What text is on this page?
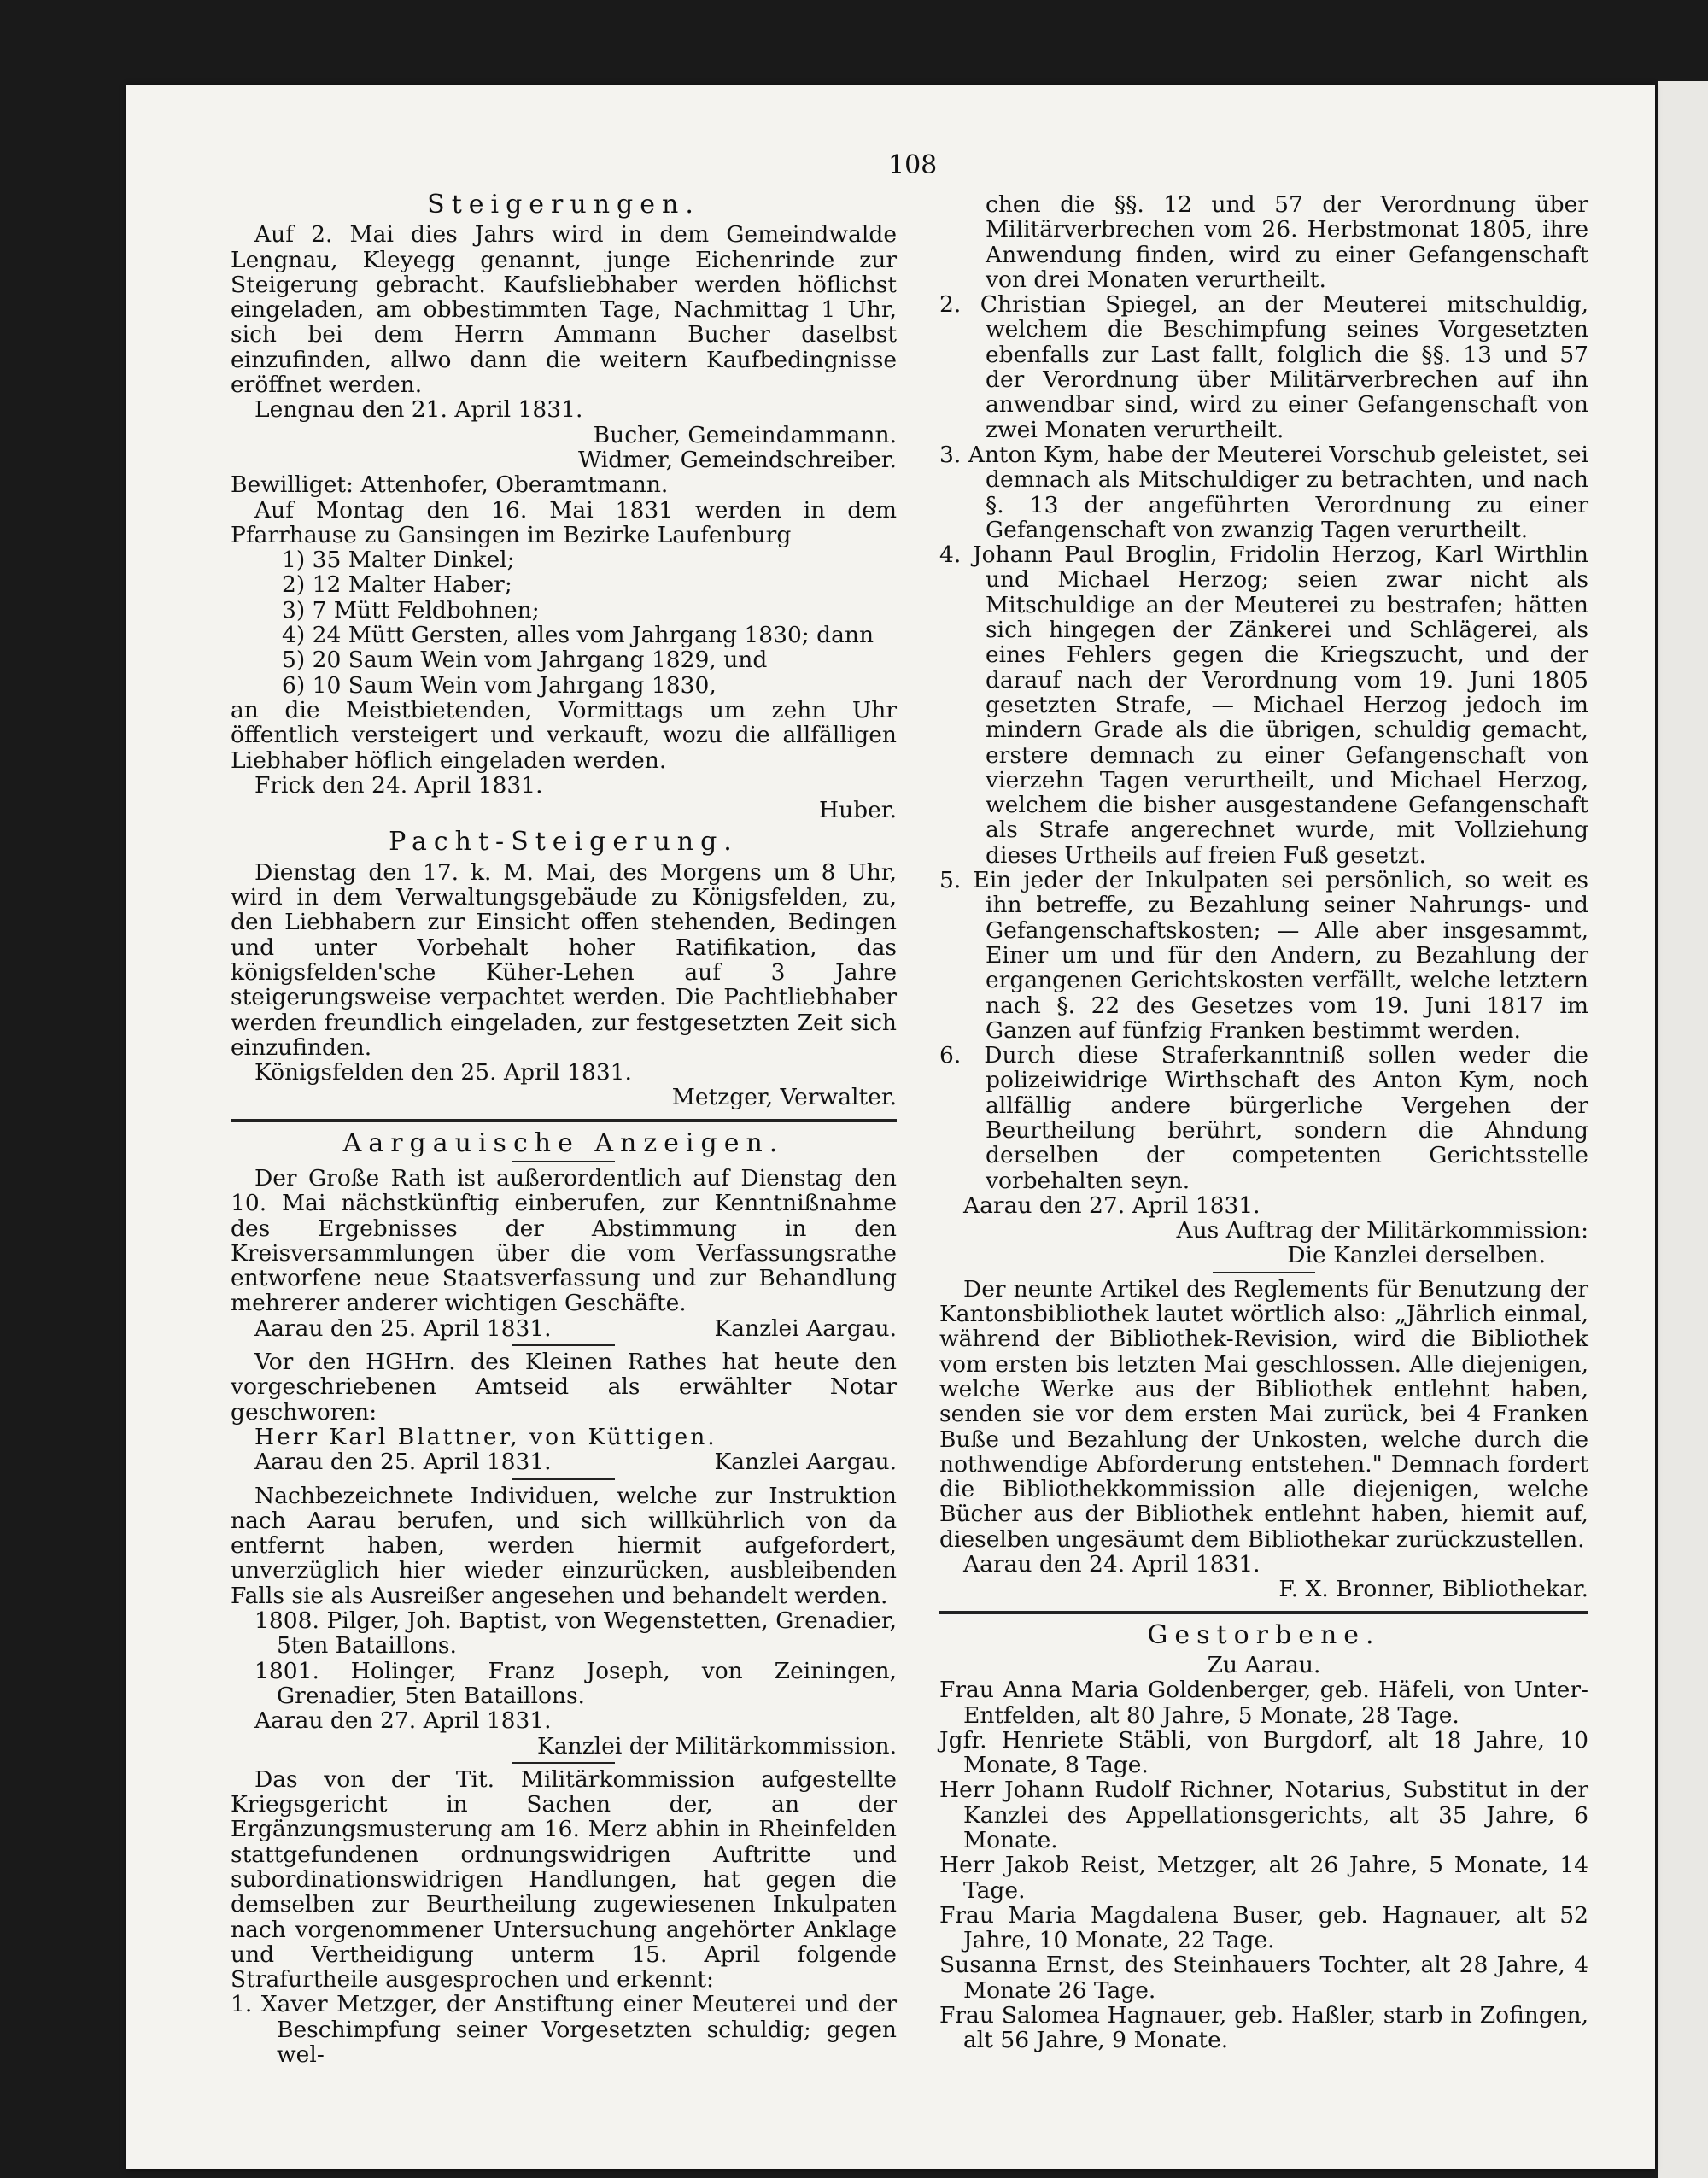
108
Steigerungen.

Auf 2. Mai dies Jahrs wird in dem Gemeindwalde Lengnau, Kleyegg genannt, junge Eichenrinde zur Steigerung gebracht. Kaufsliebhaber werden höflichst eingeladen, am obbestimmten Tage, Nachmittag 1 Uhr, sich bei dem Herrn Ammann Bucher daselbst einzufinden, allwo dann die weitern Kaufbedingnisse eröffnet werden.

Lengnau den 21. April 1831.

Bucher, Gemeindammann.

Widmer, Gemeindschreiber.

Bewilliget: Attenhofer, Oberamtmann.

Auf Montag den 16. Mai 1831 werden in dem Pfarrhause zu Gansingen im Bezirke Laufenburg

1) 35 Malter Dinkel;

2) 12 Malter Haber;

3) 7 Mütt Feldbohnen;

4) 24 Mütt Gersten, alles vom Jahrgang 1830; dann

5) 20 Saum Wein vom Jahrgang 1829, und

6) 10 Saum Wein vom Jahrgang 1830,

an die Meistbietenden, Vormittags um zehn Uhr öffentlich versteigert und verkauft, wozu die allfälligen Liebhaber höflich eingeladen werden.

Frick den 24. April 1831.

Huber.

Pacht-Steigerung.

Dienstag den 17. k. M. Mai, des Morgens um 8 Uhr, wird in dem Verwaltungsgebäude zu Königsfelden, zu, den Liebhabern zur Einsicht offen stehenden, Bedingen und unter Vorbehalt hoher Ratifikation, das königsfelden'sche Küher-Lehen auf 3 Jahre steigerungsweise verpachtet werden. Die Pachtliebhaber werden freundlich eingeladen, zur festgesetzten Zeit sich einzufinden.

Königsfelden den 25. April 1831.

Metzger, Verwalter.

Aargauische Anzeigen.

Der Große Rath ist außerordentlich auf Dienstag den 10. Mai nächstkünftig einberufen, zur Kenntnißnahme des Ergebnisses der Abstimmung in den Kreisversammlungen über die vom Verfassungsrathe entworfene neue Staatsverfassung und zur Behandlung mehrerer anderer wichtigen Geschäfte.

Aarau den 25. April 1831.	Kanzlei Aargau.

Vor den HGHrn. des Kleinen Rathes hat heute den vorgeschriebenen Amtseid als erwählter Notar geschworen:

Herr Karl Blattner, von Küttigen.

Aarau den 25. April 1831.	Kanzlei Aargau.

Nachbezeichnete Individuen, welche zur Instruktion nach Aarau berufen, und sich willkührlich von da entfernt haben, werden hiermit aufgefordert, unverzüglich hier wieder einzurücken, ausbleibenden Falls sie als Ausreißer angesehen und behandelt werden.

1808. Pilger, Joh. Baptist, von Wegenstetten, Grenadier, 5ten Bataillons.

1801. Holinger, Franz Joseph, von Zeiningen, Grenadier, 5ten Bataillons.

Aarau den 27. April 1831.

Kanzlei der Militärkommission.

Das von der Tit. Militärkommission aufgestellte Kriegsgericht in Sachen der, an der Ergänzungsmusterung am 16. Merz abhin in Rheinfelden stattgefundenen ordnungswidrigen Auftritte und subordinationswidrigen Handlungen, hat gegen die demselben zur Beurtheilung zugewiesenen Inkulpaten nach vorgenommener Untersuchung angehörter Anklage und Vertheidigung unterm 15. April folgende Strafurtheile ausgesprochen und erkennt:

1. Xaver Metzger, der Anstiftung einer Meuterei und der Beschimpfung seiner Vorgesetzten schuldig; gegen wel-

chen die §§. 12 und 57 der Verordnung über Militärverbrechen vom 26. Herbstmonat 1805, ihre Anwendung finden, wird zu einer Gefangenschaft von drei Monaten verurtheilt.

2. Christian Spiegel, an der Meuterei mitschuldig, welchem die Beschimpfung seines Vorgesetzten ebenfalls zur Last fallt, folglich die §§. 13 und 57 der Verordnung über Militärverbrechen auf ihn anwendbar sind, wird zu einer Gefangenschaft von zwei Monaten verurtheilt.

3. Anton Kym, habe der Meuterei Vorschub geleistet, sei demnach als Mitschuldiger zu betrachten, und nach §. 13 der angeführten Verordnung zu einer Gefangenschaft von zwanzig Tagen verurtheilt.

4. Johann Paul Broglin, Fridolin Herzog, Karl Wirthlin und Michael Herzog; seien zwar nicht als Mitschuldige an der Meuterei zu bestrafen; hätten sich hingegen der Zänkerei und Schlägerei, als eines Fehlers gegen die Kriegszucht, und der darauf nach der Verordnung vom 19. Juni 1805 gesetzten Strafe, — Michael Herzog jedoch im mindern Grade als die übrigen, schuldig gemacht, erstere demnach zu einer Gefangenschaft von vierzehn Tagen verurtheilt, und Michael Herzog, welchem die bisher ausgestandene Gefangenschaft als Strafe angerechnet wurde, mit Vollziehung dieses Urtheils auf freien Fuß gesetzt.

5. Ein jeder der Inkulpaten sei persönlich, so weit es ihn betreffe, zu Bezahlung seiner Nahrungs- und Gefangenschaftskosten; — Alle aber insgesammt, Einer um und für den Andern, zu Bezahlung der ergangenen Gerichtskosten verfällt, welche letztern nach §. 22 des Gesetzes vom 19. Juni 1817 im Ganzen auf fünfzig Franken bestimmt werden.

6. Durch diese Straferkanntniß sollen weder die polizeiwidrige Wirthschaft des Anton Kym, noch allfällig andere bürgerliche Vergehen der Beurtheilung berührt, sondern die Ahndung derselben der competenten Gerichtsstelle vorbehalten seyn.

Aarau den 27. April 1831.

Aus Auftrag der Militärkommission:

Die Kanzlei derselben.

Der neunte Artikel des Reglements für Benutzung der Kantonsbibliothek lautet wörtlich also: „Jährlich einmal, während der Bibliothek-Revision, wird die Bibliothek vom ersten bis letzten Mai geschlossen. Alle diejenigen, welche Werke aus der Bibliothek entlehnt haben, senden sie vor dem ersten Mai zurück, bei 4 Franken Buße und Bezahlung der Unkosten, welche durch die nothwendige Abforderung entstehen." Demnach fordert die Bibliothekkommission alle diejenigen, welche Bücher aus der Bibliothek entlehnt haben, hiemit auf, dieselben ungesäumt dem Bibliothekar zurückzustellen.

Aarau den 24. April 1831.

F. X. Bronner, Bibliothekar.

Gestorbene.

Zu Aarau.

Frau Anna Maria Goldenberger, geb. Häfeli, von Unter-Entfelden, alt 80 Jahre, 5 Monate, 28 Tage.

Jgfr. Henriete Stäbli, von Burgdorf, alt 18 Jahre, 10 Monate, 8 Tage.

Herr Johann Rudolf Richner, Notarius, Substitut in der Kanzlei des Appellationsgerichts, alt 35 Jahre, 6 Monate.

Herr Jakob Reist, Metzger, alt 26 Jahre, 5 Monate, 14 Tage.

Frau Maria Magdalena Buser, geb. Hagnauer, alt 52 Jahre, 10 Monate, 22 Tage.

Susanna Ernst, des Steinhauers Tochter, alt 28 Jahre, 4 Monate 26 Tage.

Frau Salomea Hagnauer, geb. Haßler, starb in Zofingen, alt 56 Jahre, 9 Monate.
